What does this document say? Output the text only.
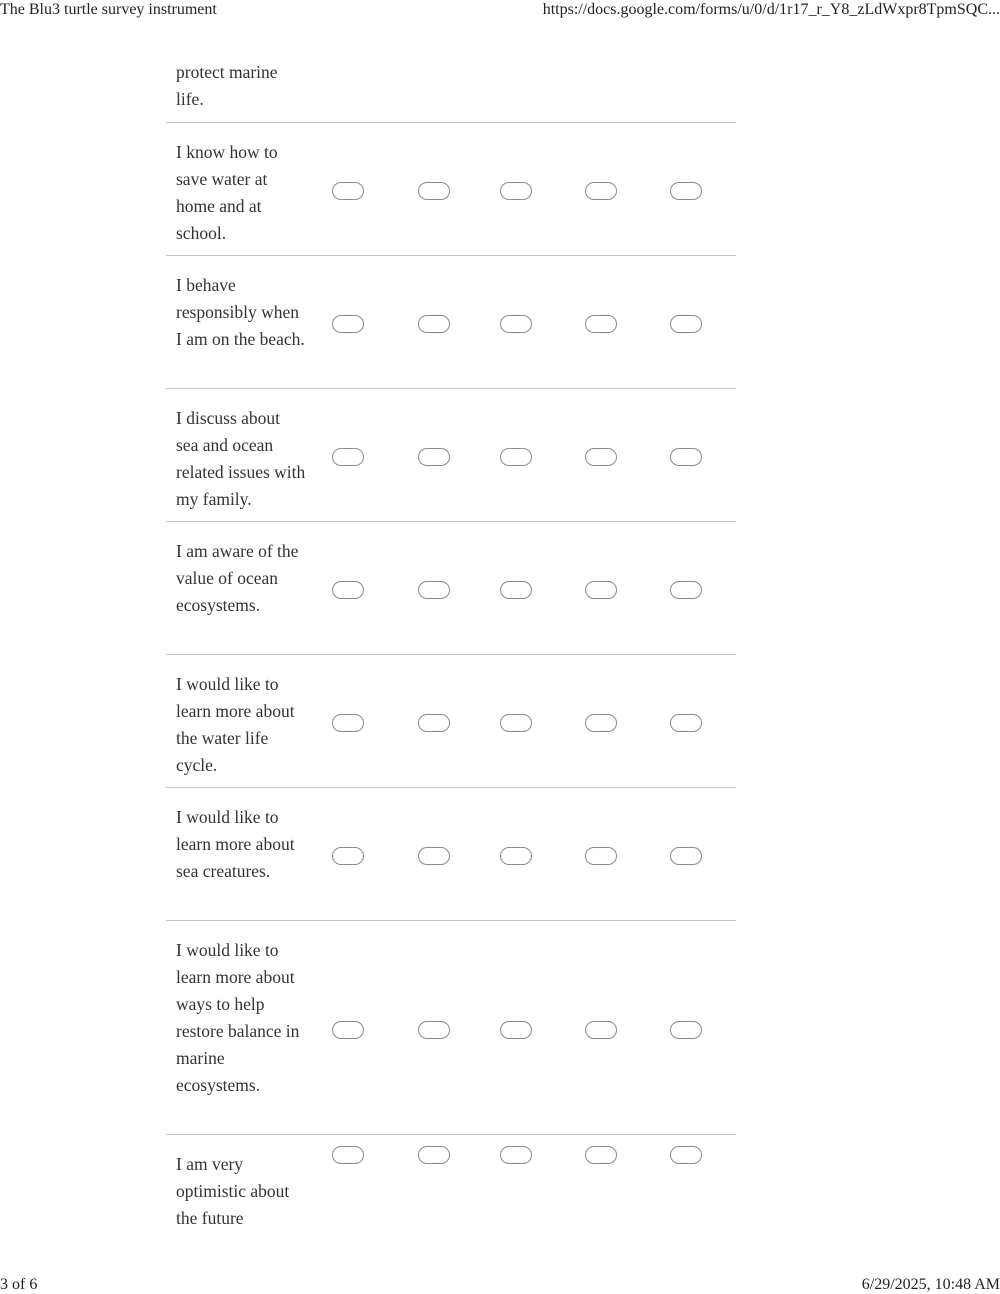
The Blu3 turtle survey instrument	https://docs.google.com/forms/u/0/d/1r17_r_Y8_zLdWxpr8TpmSQC...
protect marine life.
I know how to save water at home and at school.
I behave responsibly when I am on the beach.
I discuss about sea and ocean related issues with my family.
I am aware of the value of ocean ecosystems.
I would like to learn more about the water life cycle.
I would like to learn more about sea creatures.
I would like to learn more about ways to help restore balance in marine ecosystems.
I am very optimistic about the future
3 of 6	6/29/2025, 10:48 AM
